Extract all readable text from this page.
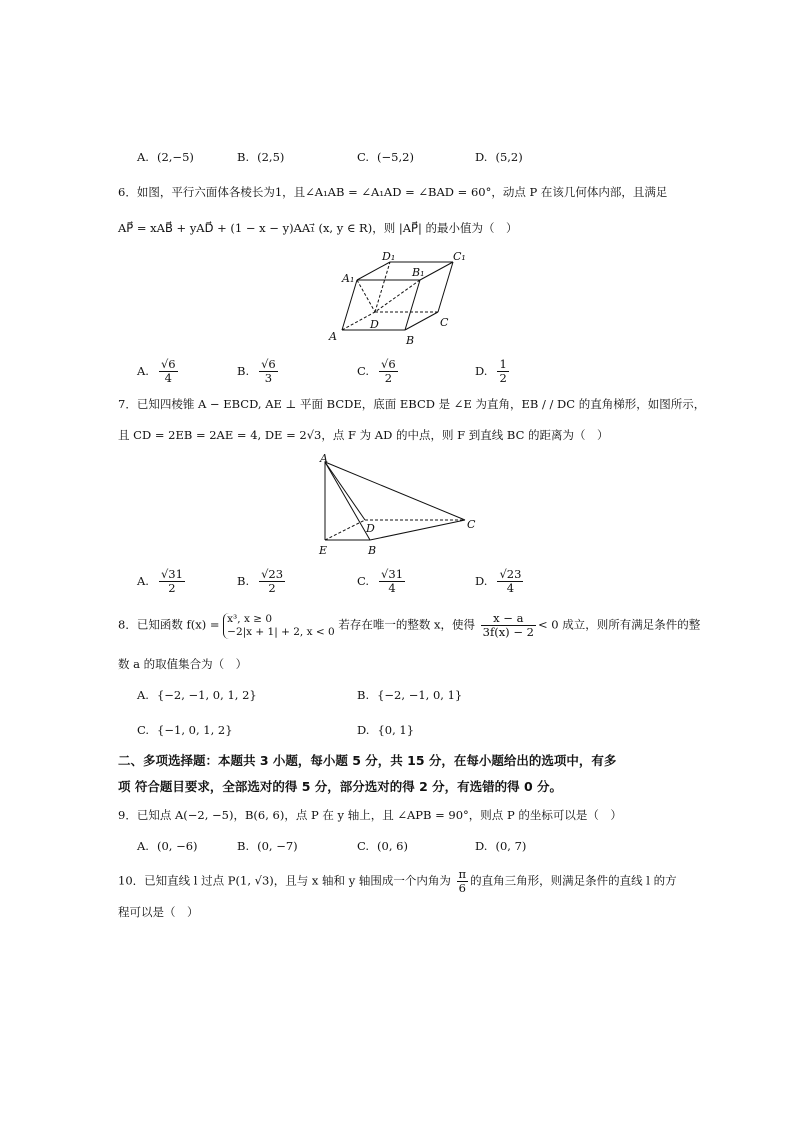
A. (2,−5)	B. (2,5)	C. (−5,2)	D. (5,2)
6．如图，平行六面体各棱长为1，且∠A₁AB = ∠A₁AD = ∠BAD = 60°，动点 P 在该几何体内部，且满足
AP⃗ = xAB⃗ + yAD⃗ + (1 − x − y)AA₁⃗ (x, y ∈ R)，则 |AP⃗| 的最小值为（　）
A	B
C
D
A₁	B₁
C₁
D₁
A. $\frac{√6}{4}$	B. $\frac{√6}{3}$	C. $\frac{√6}{2}$	D. $\frac{1}{2}$
7．已知四棱锥 A − EBCD, AE ⊥ 平面 BCDE，底面 EBCD 是 ∠E 为直角，EB / / DC 的直角梯形，如图所示，
且 CD = 2EB = 2AE = 4, DE = 2√3，点 F 为 AD 的中点，则 F 到直线 BC 的距离为（　）
A
D	C
E	B
A. $\frac{√31}{2}$	B. $\frac{√23}{2}$	C. $\frac{√31}{4}$	D. $\frac{√23}{4}$
8．已知函数 f(x) = x³, x ≥ 0
−2|x + 1| + 2, x < 0 若存在唯一的整数 x，使得 $\frac{x - a}{3f(x) - 2} < 0$ 成立，则所有满足条件的整
数 a 的取值集合为（　）
A. {−2, −1, 0, 1, 2}	B. {−2, −1, 0, 1}
C. {−1, 0, 1, 2}	D. {0, 1}
二、多项选择题：本题共 3 小题，每小题 5 分，共 15 分，在每小题给出的选项中，有多
项 符合题目要求，全部选对的得 5 分，部分选对的得 2 分，有选错的得 0 分。
9．已知点 A(−2, −5)，B(6, 6)，点 P 在 y 轴上，且 ∠APB = 90°，则点 P 的坐标可以是（　）
A. (0, −6)	B. (0, −7)	C. (0, 6)	D. (0, 7)
10．已知直线 l 过点 P(1, √3)，且与 x 轴和 y 轴围成一个内角为 $\frac{\pi}{6}$ 的直角三角形，则满足条件的直线 l 的方
程可以是（　）
